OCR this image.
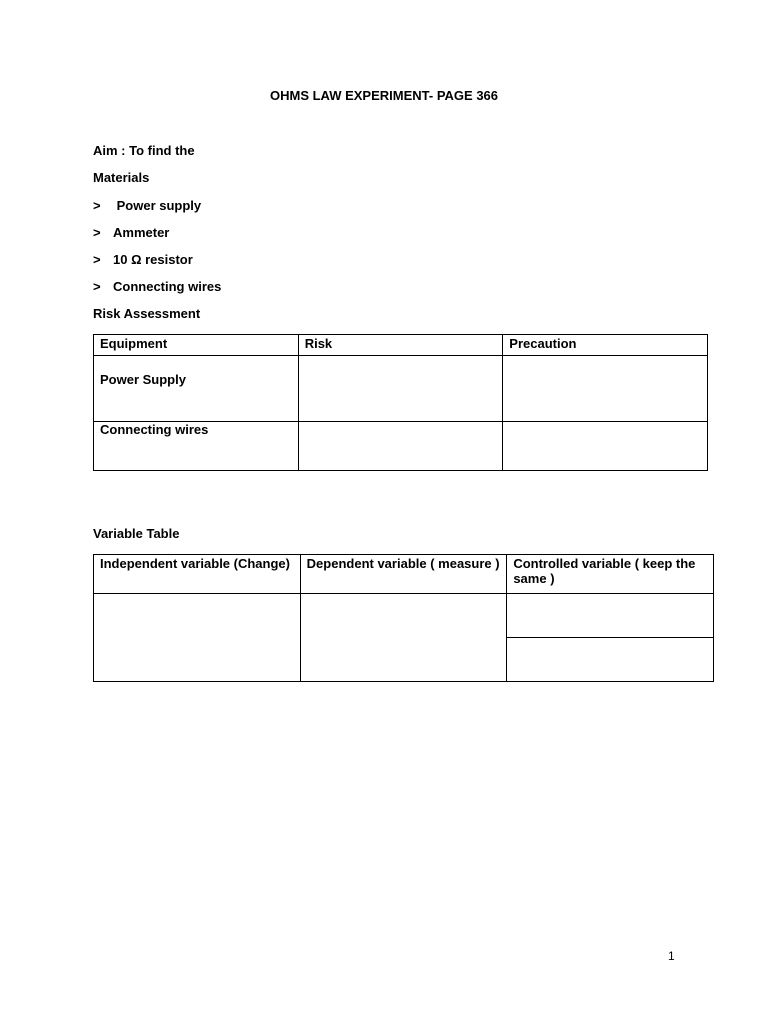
OHMS LAW EXPERIMENT- PAGE 366
Aim : To find the
Materials
> Power supply
> Ammeter
> 10 Ω resistor
> Connecting wires
Risk Assessment
Equipment	Risk	Precaution
Power Supply		
Connecting wires		
Variable Table
Independent variable (Change)	Dependent variable ( measure )	Controlled variable ( keep the same )

1
